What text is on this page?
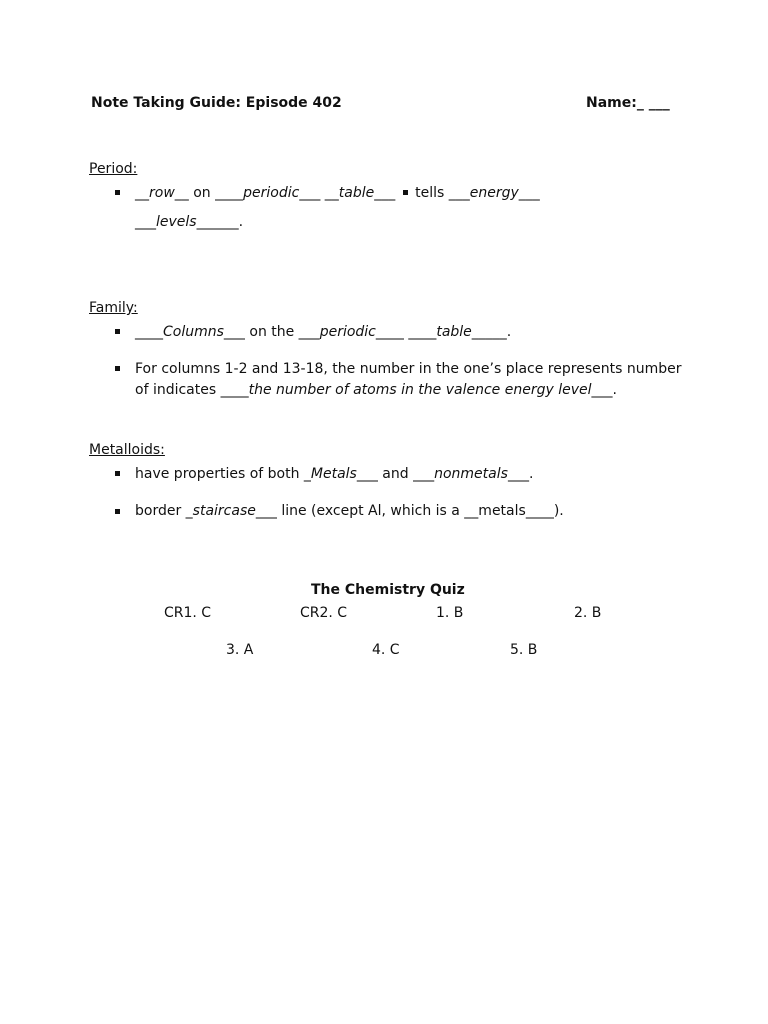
Note Taking Guide: Episode 402	Name:_ ___
Period:
__row__ on ____periodic___ __table___  tells ___energy___
___levels______.
Family:
____Columns___ on the ___periodic____ ____table_____.
For columns 1-2 and 13-18, the number in the one’s place represents number
of indicates ____the number of atoms in the valence energy level___.
Metalloids:
have properties of both _Metals___ and ___nonmetals___.
border _staircase___ line (except Al, which is a __metals____).
The Chemistry Quiz
CR1. C	CR2. C	1. B	2. B
3. A	4. C	5. B
